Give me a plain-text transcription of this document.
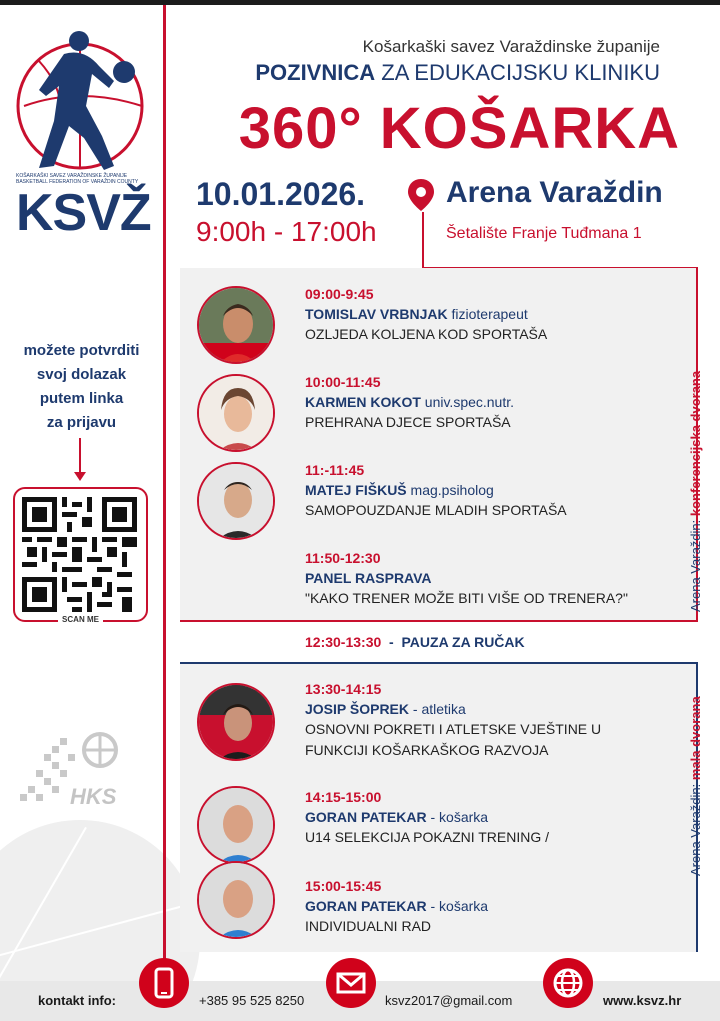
KOŠARKAŠKI SAVEZ VARAŽDINSKE ŽUPANIJE BASKETBALL FEDERATION OF VARAŽDIN COUNTY
KSVŽ
možete potvrditi
svoj dolazak
putem linka
za prijavu
SCAN ME
HKS
Košarkaški savez Varaždinske županije
POZIVNICA ZA EDUKACIJSKU KLINIKU
360° KOŠARKA
10.01.2026.	Arena Varaždin
9:00h - 17:00h	Šetalište Franje Tuđmana 1
Arena Varaždin: konferencijska dvorana
09:00-9:45
TOMISLAV VRBNJAK fizioterapeut
OZLJEDA KOLJENA KOD SPORTAŠA
10:00-11:45
KARMEN KOKOT univ.spec.nutr.
PREHRANA DJECE SPORTAŠA
11:-11:45
MATEJ FIŠKUŠ mag.psiholog
SAMOPOUZDANJE MLADIH SPORTAŠA
11:50-12:30
PANEL RASPRAVA
"KAKO TRENER MOŽE BITI VIŠE OD TRENERA?"
12:30-13:30  -  PAUZA ZA RUČAK
Arena Varaždin: mala dvorana
13:30-14:15
JOSIP ŠOPREK - atletika
OSNOVNI POKRETI I ATLETSKE VJEŠTINE U
FUNKCIJI KOŠARKAŠKOG RAZVOJA
14:15-15:00
GORAN PATEKAR - košarka
U14 SELEKCIJA POKAZNI TRENING /
15:00-15:45
GORAN PATEKAR - košarka
INDIVIDUALNI RAD
kontakt info:	+385 95 525 8250	ksvz2017@gmail.com	www.ksvz.hr
